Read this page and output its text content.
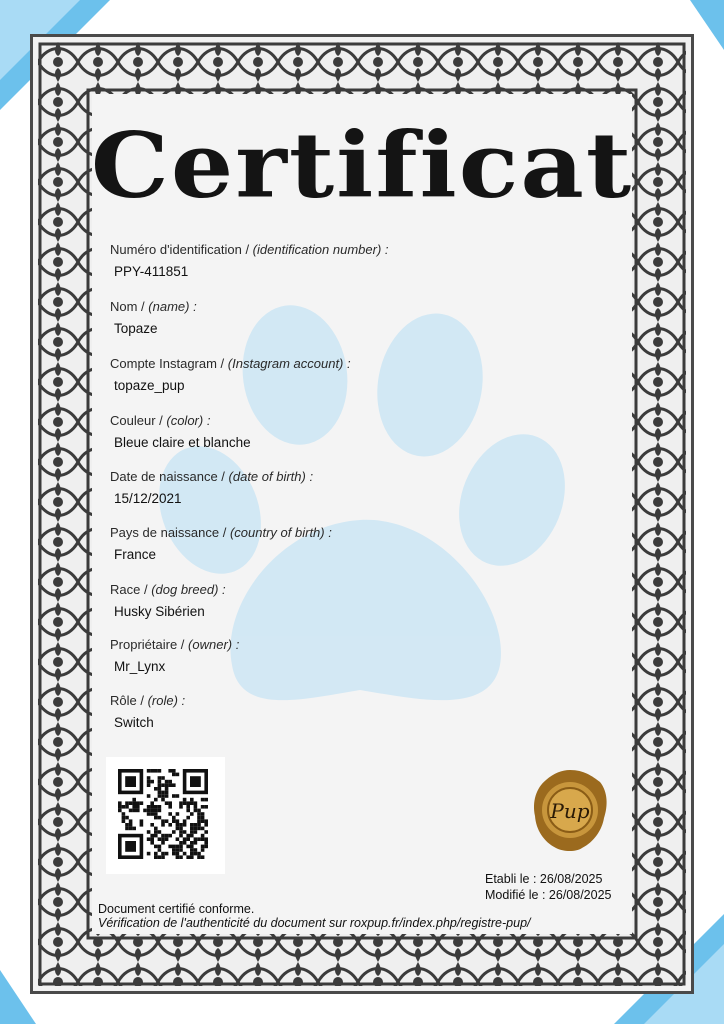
Certificat
Numéro d'identification / (identification number) :
PPY-411851
Nom / (name) :
Topaze
Compte Instagram / (Instagram account) :
topaze_pup
Couleur / (color) :
Bleue claire et blanche
Date de naissance / (date of birth) :
15/12/2021
Pays de naissance / (country of birth) :
France
Race / (dog breed) :
Husky Sibérien
Propriétaire / (owner) :
Mr_Lynx
Rôle / (role) :
Switch
Pup
Etabli le : 26/08/2025
Modifié le : 26/08/2025
Document certifié conforme.
Vérification de l'authenticité du document sur roxpup.fr/index.php/registre-pup/
